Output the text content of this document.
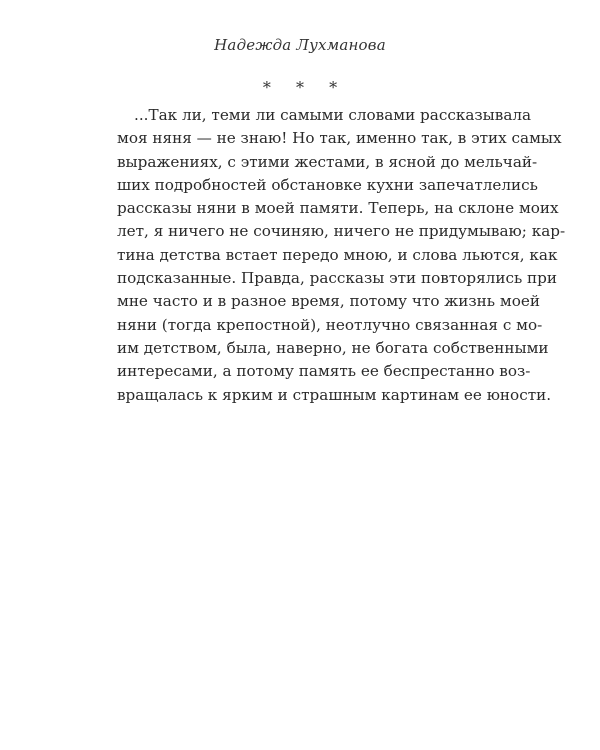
Надежда Лухманова
* * *
...Так ли, теми ли самыми словами рассказывала
моя няня — не знаю! Но так, именно так, в этих самых
выражениях, с этими жестами, в ясной до мельчай-
ших подробностей обстановке кухни запечатлелись
рассказы няни в моей памяти. Теперь, на склоне моих
лет, я ничего не сочиняю, ничего не придумываю; кар-
тина детства встает передо мною, и слова льются, как
подсказанные. Правда, рассказы эти повторялись при
мне часто и в разное время, потому что жизнь моей
няни (тогда крепостной), неотлучно связанная с мо-
им детством, была, наверно, не богата собственными
интересами, а потому память ее беспрестанно воз-
вращалась к ярким и страшным картинам ее юности.
